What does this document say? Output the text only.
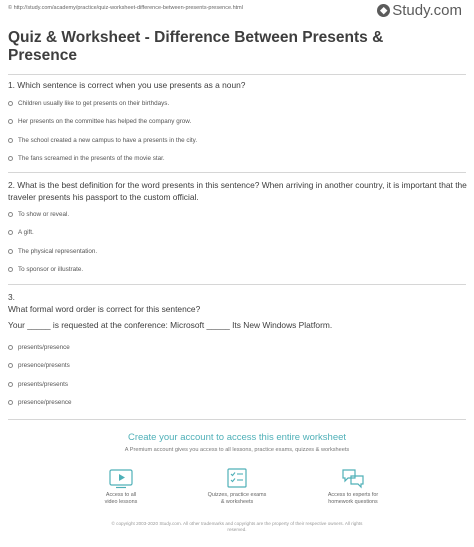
© http://study.com/academy/practice/quiz-worksheet-difference-between-presents-presence.html	◆ Study.com
Quiz & Worksheet - Difference Between Presents & Presence
1. Which sentence is correct when you use presents as a noun?
Children usually like to get presents on their birthdays.
Her presents on the committee has helped the company grow.
The school created a new campus to have a presents in the city.
The fans screamed in the presents of the movie star.
2. What is the best definition for the word presents in this sentence? When arriving in another country, it is important that the traveler presents his passport to the custom official.
To show or reveal.
A gift.
The physical representation.
To sponsor or illustrate.
3.
What formal word order is correct for this sentence?
Your _____ is requested at the conference: Microsoft _____ Its New Windows Platform.
presents/presence
presence/presents
presents/presents
presence/presence
Create your account to access this entire worksheet
A Premium account gives you access to all lessons, practice exams, quizzes & worksheets
Access to all
video lessons
Quizzes, practice exams
& worksheets
Access to experts for
homework questions
© copyright 2003-2020 Study.com. All other trademarks and copyrights are the property of their respective owners. All rights
reserved.
